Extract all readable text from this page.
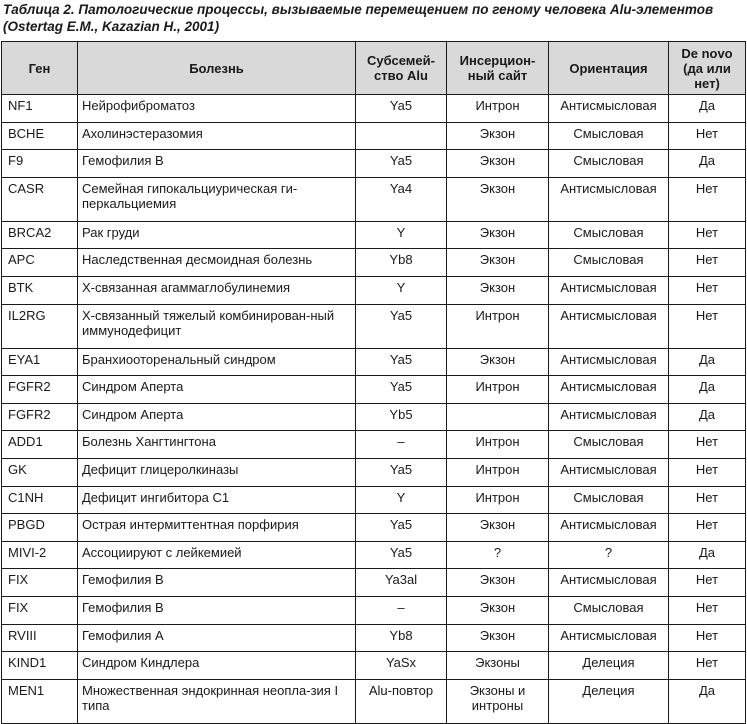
Таблица 2. Патологические процессы, вызываемые перемещением по геному человека Alu-элементов
(Ostertag E.M., Kazazian H., 2001)
Ген	Болезнь	Субсемей-ство Alu	Инсерцион-ный сайт	Ориентация	De novo (да или нет)
NF1	Нейрофиброматоз	Ya5	Интрон	Антисмысловая	Да
BCHE	Ахолинэстеразомия		Экзон	Смысловая	Нет
F9	Гемофилия B	Ya5	Экзон	Смысловая	Да
CASR	Семейная гипокальциурическая ги-перкальциемия	Ya4	Экзон	Антисмысловая	Нет
BRCA2	Рак груди	Y	Экзон	Смысловая	Нет
APC	Наследственная десмоидная болезнь	Yb8	Экзон	Смысловая	Нет
BTK	X-связанная агаммаглобулинемия	Y	Экзон	Антисмысловая	Нет
IL2RG	X-связанный тяжелый комбинирован-ный иммунодефицит	Ya5	Интрон	Антисмысловая	Нет
EYA1	Бранхиооторенальный синдром	Ya5	Экзон	Антисмысловая	Да
FGFR2	Синдром Aперта	Ya5	Интрон	Антисмысловая	Да
FGFR2	Синдром Aперта	Yb5		Антисмысловая	Да
ADD1	Болезнь Хангтингтона	–	Интрон	Смысловая	Нет
GK	Дефицит глицеролкиназы	Ya5	Интрон	Антисмысловая	Нет
C1NH	Дефицит ингибитора C1	Y	Интрон	Смысловая	Нет
PBGD	Острая интермиттентная порфирия	Ya5	Экзон	Антисмысловая	Нет
MIVI-2	Ассоциируют с лейкемией	Ya5	?	?	Да
FIX	Гемофилия B	Ya3al	Экзон	Антисмысловая	Нет
FIX	Гемофилия B	–	Экзон	Смысловая	Нет
RVIII	Гемофилия A	Yb8	Экзон	Антисмысловая	Нет
KIND1	Синдром Киндлера	YaSx	Экзоны	Делеция	Нет
MEN1	Множественная эндокринная неопла-зия I типа	Alu-повтор	Экзоны и интроны	Делеция	Да
